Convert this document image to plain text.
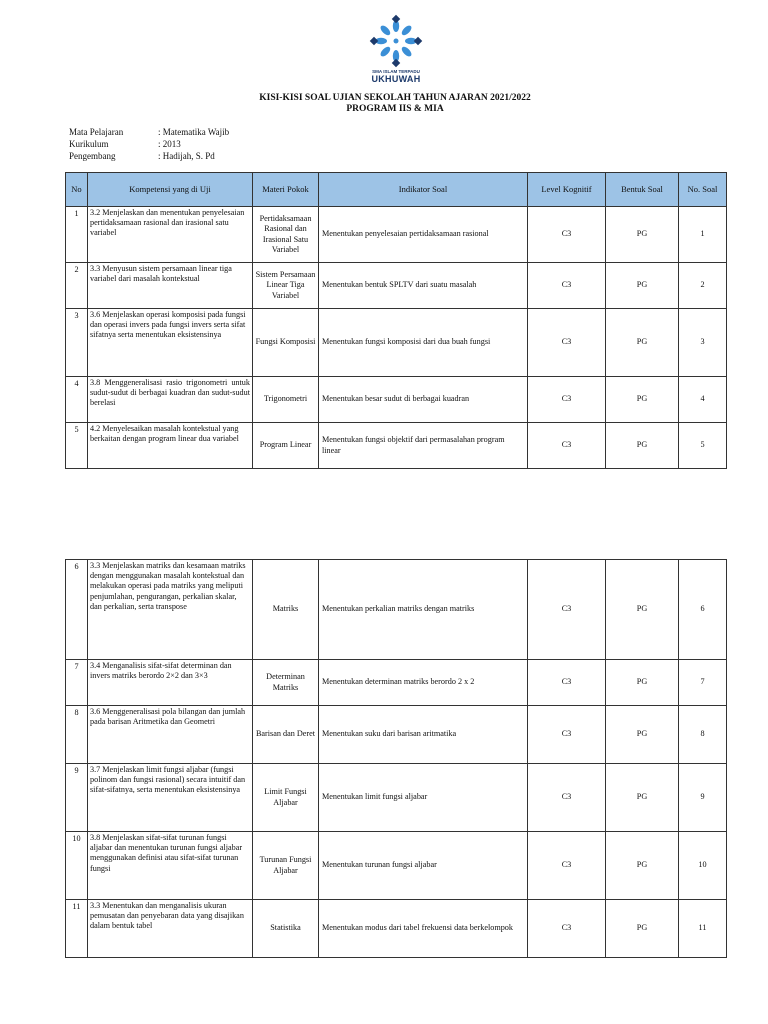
SMA ISLAM TERPADU
UKHUWAH
KISI-KISI SOAL UJIAN SEKOLAH TAHUN AJARAN 2021/2022
PROGRAM IIS & MIA
Mata Pelajaran	: Matematika Wajib
Kurikulum	: 2013
Pengembang	: Hadijah, S. Pd
No	Kompetensi yang di Uji	Materi Pokok	Indikator Soal	Level Kognitif	Bentuk Soal	No. Soal
1	3.2 Menjelaskan dan menentukan penyelesaian pertidaksamaan rasional dan irasional satu variabel	Pertidaksamaan Rasional dan Irasional Satu Variabel	Menentukan penyelesaian pertidaksamaan rasional	C3	PG	1
2	3.3 Menyusun sistem persamaan linear tiga variabel dari masalah kontekstual	Sistem Persamaan Linear Tiga Variabel	Menentukan bentuk SPLTV dari suatu masalah	C3	PG	2
3	3.6 Menjelaskan operasi komposisi pada fungsi dan operasi invers pada fungsi invers serta sifat sifatnya serta menentukan eksistensinya	Fungsi Komposisi	Menentukan fungsi komposisi dari dua buah fungsi	C3	PG	3
4	3.8 Menggeneralisasi rasio trigonometri untuk sudut-sudut di berbagai kuadran dan sudut-sudut berelasi	Trigonometri	Menentukan besar sudut di berbagai kuadran	C3	PG	4
5	4.2 Menyelesaikan masalah kontekstual yang berkaitan dengan program linear dua variabel	Program Linear	Menentukan fungsi objektif dari permasalahan program linear	C3	PG	5
6	3.3 Menjelaskan matriks dan kesamaan matriks dengan menggunakan masalah kontekstual dan melakukan operasi pada matriks yang meliputi penjumlahan, pengurangan, perkalian skalar, dan perkalian, serta transpose	Matriks	Menentukan perkalian matriks dengan matriks	C3	PG	6
7	3.4 Menganalisis sifat-sifat determinan dan invers matriks berordo 2×2 dan 3×3	Determinan Matriks	Menentukan determinan matriks berordo 2 x 2	C3	PG	7
8	3.6 Menggeneralisasi pola bilangan dan jumlah pada barisan Aritmetika dan Geometri	Barisan dan Deret	Menentukan suku dari barisan aritmatika	C3	PG	8
9	3.7 Menjelaskan limit fungsi aljabar (fungsi polinom dan fungsi rasional) secara intuitif dan sifat-sifatnya, serta menentukan eksistensinya	Limit Fungsi Aljabar	Menentukan limit fungsi aljabar	C3	PG	9
10	3.8 Menjelaskan sifat-sifat turunan fungsi aljabar dan menentukan turunan fungsi aljabar menggunakan definisi atau sifat-sifat turunan fungsi	Turunan Fungsi Aljabar	Menentukan turunan fungsi aljabar	C3	PG	10
11	3.3 Menentukan dan menganalisis ukuran pemusatan dan penyebaran data yang disajikan dalam bentuk tabel	Statistika	Menentukan modus dari tabel frekuensi data berkelompok	C3	PG	11
